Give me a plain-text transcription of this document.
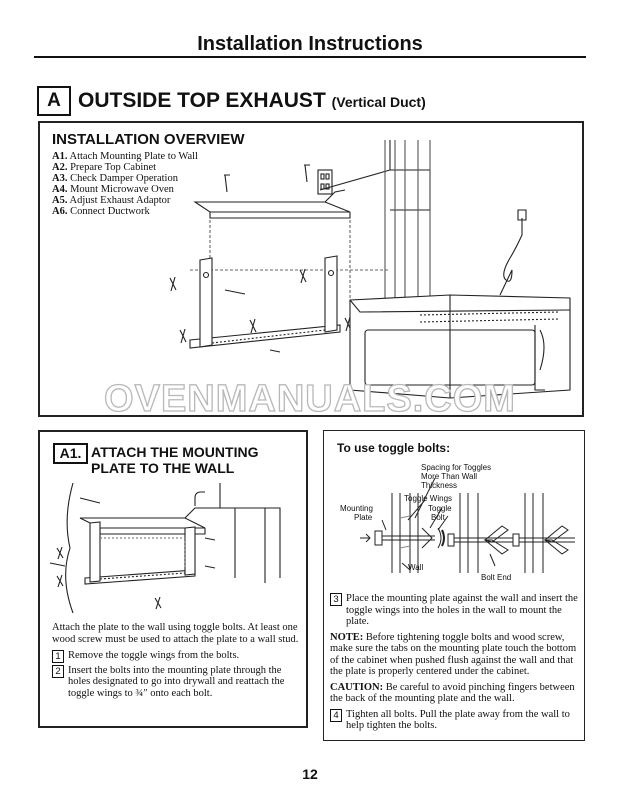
Installation Instructions
A OUTSIDE TOP EXHAUST (Vertical Duct)
INSTALLATION OVERVIEW
A1. Attach Mounting Plate to Wall
A2. Prepare Top Cabinet
A3. Check Damper Operation
A4. Mount Microwave Oven
A5. Adjust Exhaust Adaptor
A6. Connect Ductwork
OVENMANUALS.COM
A1. ATTACH THE MOUNTING
PLATE TO THE WALL
Attach the plate to the wall using toggle bolts. At least one wood screw must be used to attach the plate to a wall stud.
1 Remove the toggle wings from the bolts.
2 Insert the bolts into the mounting plate through the holes designated to go into drywall and reattach the toggle wings to ¾″ onto each bolt.
To use toggle bolts:
Spacing for Toggles
More Than Wall
Thickness
Toggle Wings
Toggle
Bolt
Mounting
Plate
Wall
Bolt End
3 Place the mounting plate against the wall and insert the toggle wings into the holes in the wall to mount the plate.

NOTE: Before tightening toggle bolts and wood screw, make sure the tabs on the mounting plate touch the bottom of the cabinet when pushed flush against the wall and that the plate is properly centered under the cabinet.

CAUTION: Be careful to avoid pinching fingers between the back of the mounting plate and the wall.

4 Tighten all bolts. Pull the plate away from the wall to help tighten the bolts.
12
